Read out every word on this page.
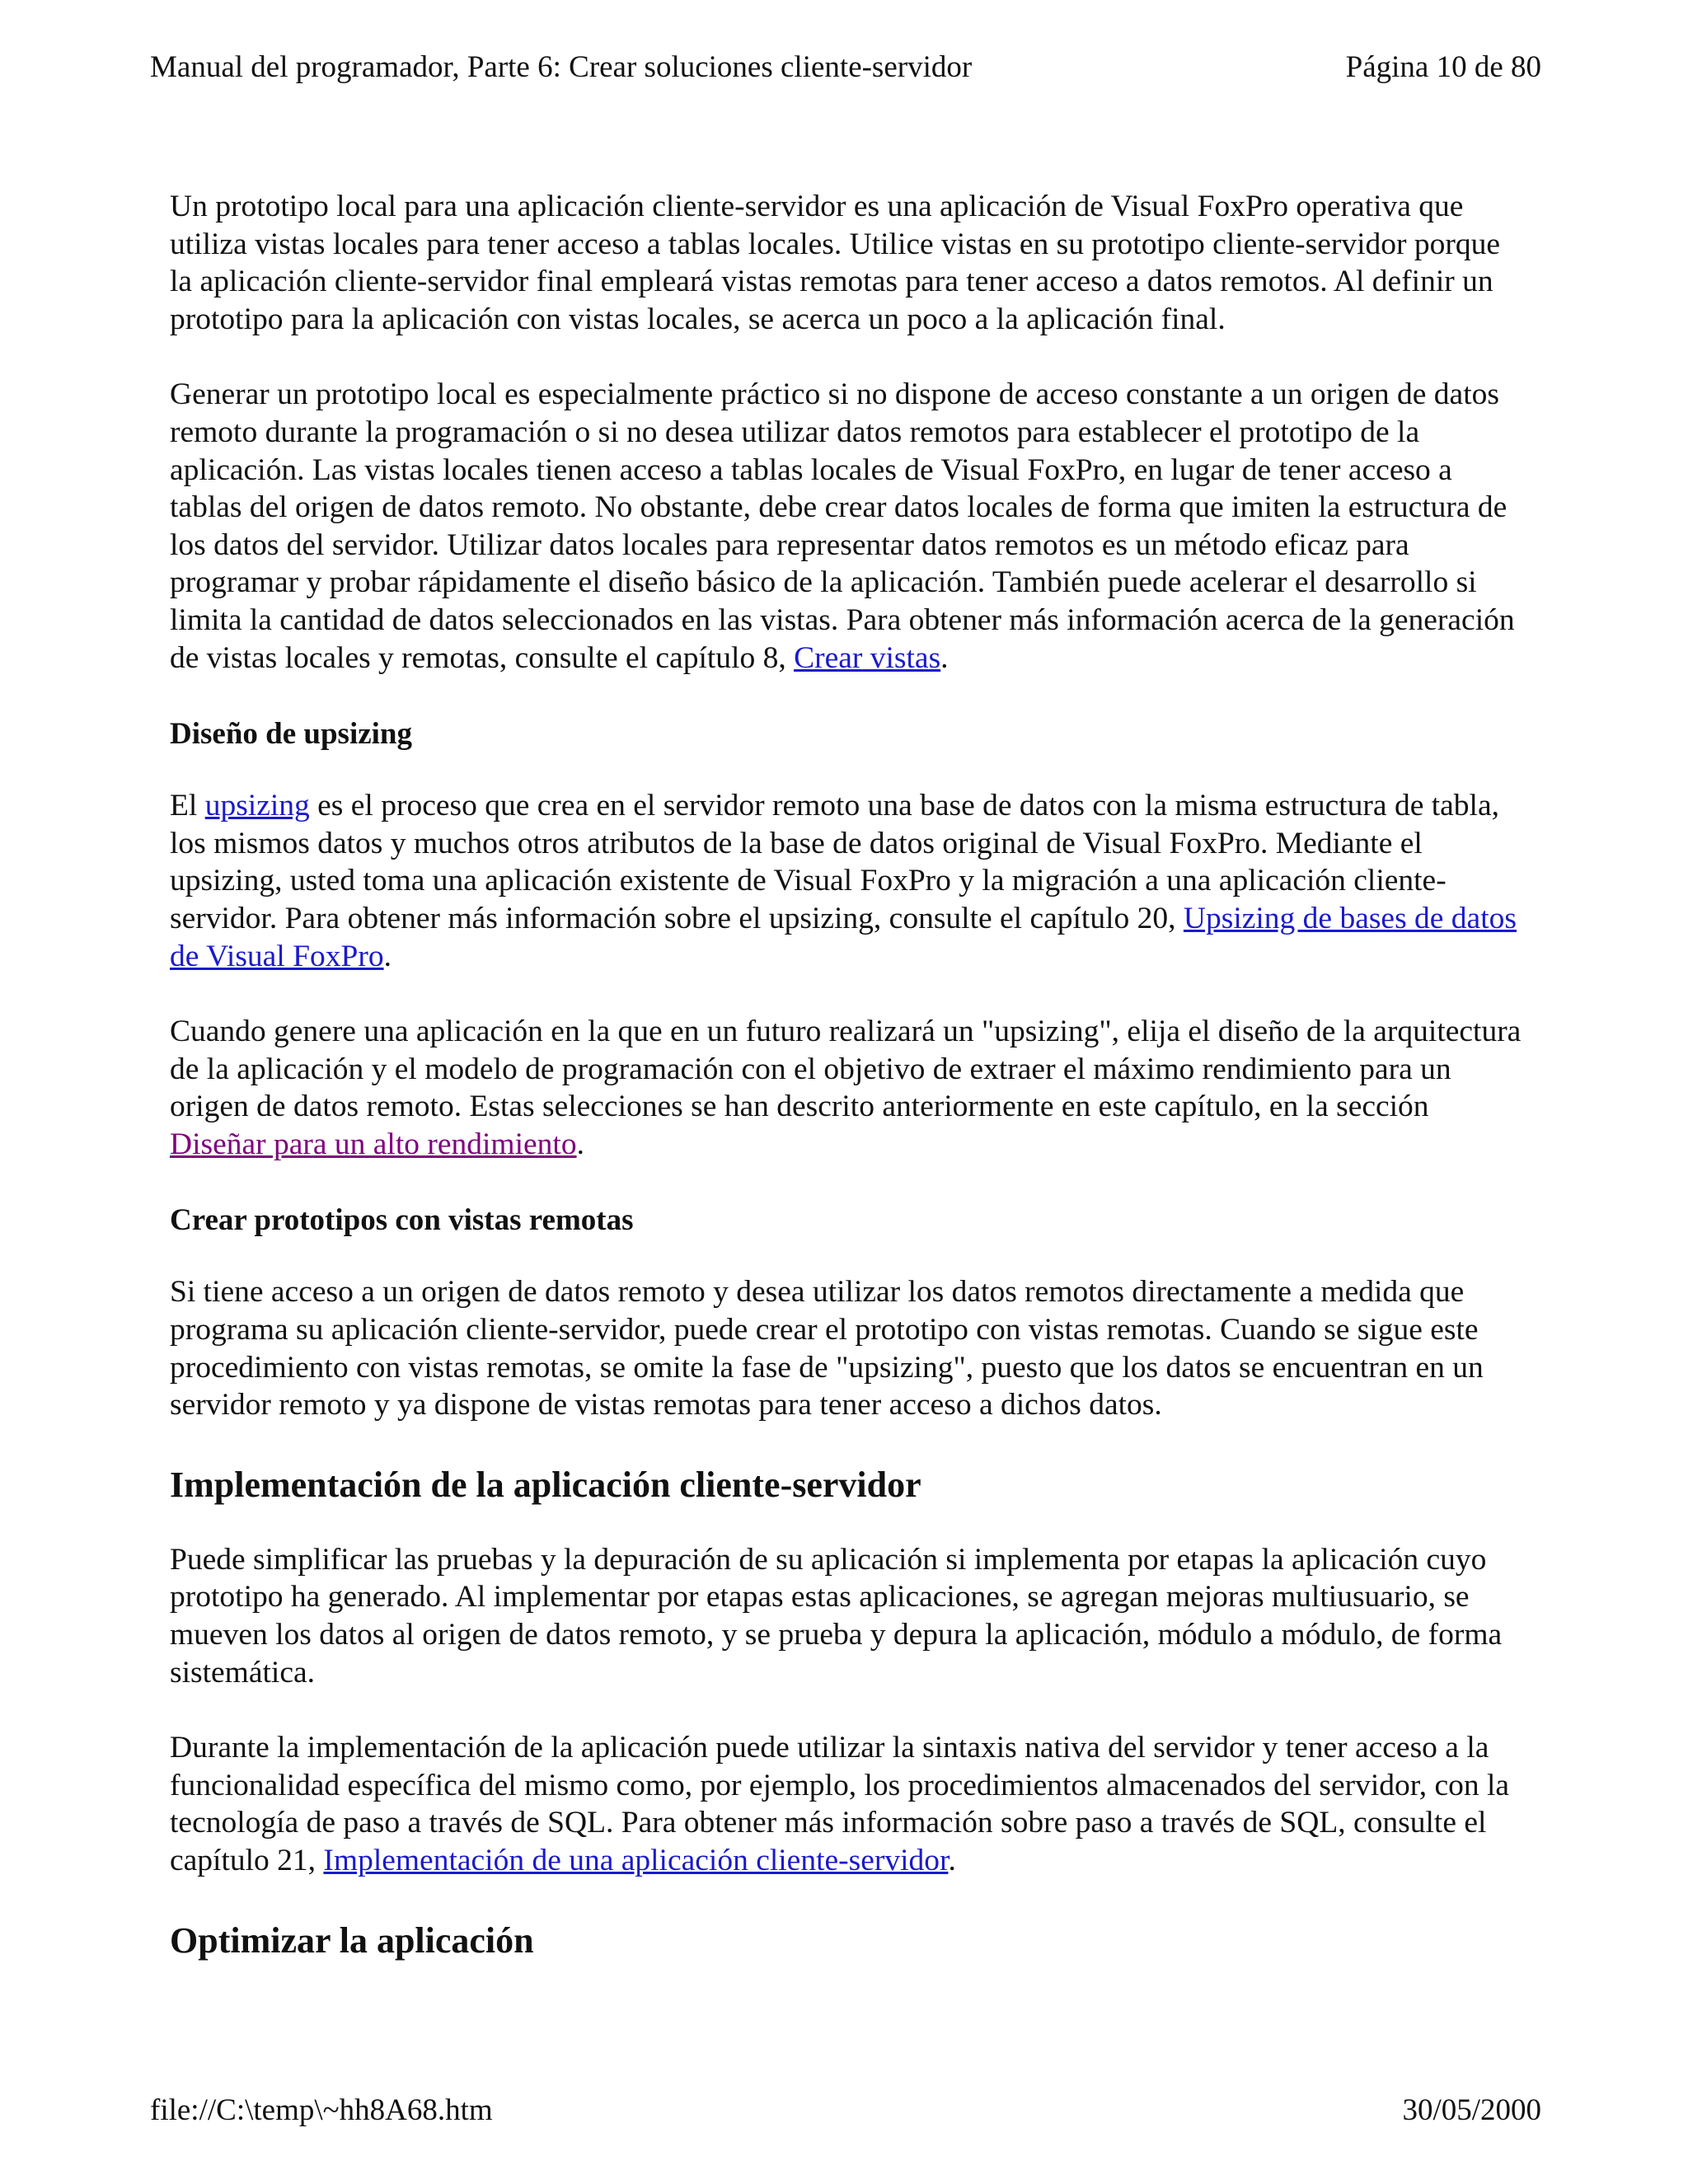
Manual del programador, Parte 6: Crear soluciones cliente-servidor	Página 10 de 80

Un prototipo local para una aplicación cliente-servidor es una aplicación de Visual FoxPro operativa que utiliza vistas locales para tener acceso a tablas locales. Utilice vistas en su prototipo cliente-servidor porque la aplicación cliente-servidor final empleará vistas remotas para tener acceso a datos remotos. Al definir un prototipo para la aplicación con vistas locales, se acerca un poco a la aplicación final.

Generar un prototipo local es especialmente práctico si no dispone de acceso constante a un origen de datos remoto durante la programación o si no desea utilizar datos remotos para establecer el prototipo de la aplicación. Las vistas locales tienen acceso a tablas locales de Visual FoxPro, en lugar de tener acceso a tablas del origen de datos remoto. No obstante, debe crear datos locales de forma que imiten la estructura de los datos del servidor. Utilizar datos locales para representar datos remotos es un método eficaz para programar y probar rápidamente el diseño básico de la aplicación. También puede acelerar el desarrollo si limita la cantidad de datos seleccionados en las vistas. Para obtener más información acerca de la generación de vistas locales y remotas, consulte el capítulo 8, Crear vistas.

Diseño de upsizing

El upsizing es el proceso que crea en el servidor remoto una base de datos con la misma estructura de tabla, los mismos datos y muchos otros atributos de la base de datos original de Visual FoxPro. Mediante el upsizing, usted toma una aplicación existente de Visual FoxPro y la migración a una aplicación cliente-servidor. Para obtener más información sobre el upsizing, consulte el capítulo 20, Upsizing de bases de datos de Visual FoxPro.

Cuando genere una aplicación en la que en un futuro realizará un "upsizing", elija el diseño de la arquitectura de la aplicación y el modelo de programación con el objetivo de extraer el máximo rendimiento para un origen de datos remoto. Estas selecciones se han descrito anteriormente en este capítulo, en la sección Diseñar para un alto rendimiento.

Crear prototipos con vistas remotas

Si tiene acceso a un origen de datos remoto y desea utilizar los datos remotos directamente a medida que programa su aplicación cliente-servidor, puede crear el prototipo con vistas remotas. Cuando se sigue este procedimiento con vistas remotas, se omite la fase de "upsizing", puesto que los datos se encuentran en un servidor remoto y ya dispone de vistas remotas para tener acceso a dichos datos.

Implementación de la aplicación cliente-servidor

Puede simplificar las pruebas y la depuración de su aplicación si implementa por etapas la aplicación cuyo prototipo ha generado. Al implementar por etapas estas aplicaciones, se agregan mejoras multiusuario, se mueven los datos al origen de datos remoto, y se prueba y depura la aplicación, módulo a módulo, de forma sistemática.

Durante la implementación de la aplicación puede utilizar la sintaxis nativa del servidor y tener acceso a la funcionalidad específica del mismo como, por ejemplo, los procedimientos almacenados del servidor, con la tecnología de paso a través de SQL. Para obtener más información sobre paso a través de SQL, consulte el capítulo 21, Implementación de una aplicación cliente-servidor.

Optimizar la aplicación
file://C:\temp\~hh8A68.htm	30/05/2000
